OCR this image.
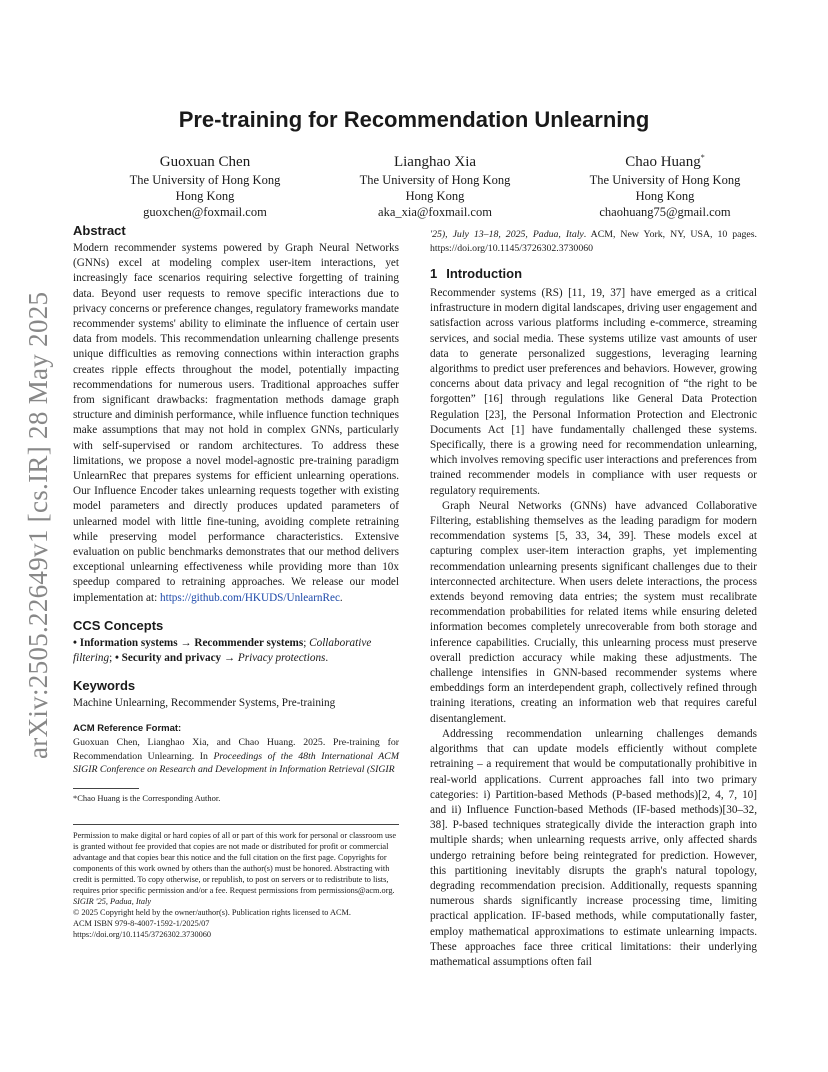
arXiv:2505.22649v1 [cs.IR] 28 May 2025
Pre-training for Recommendation Unlearning
Guoxuan Chen
The University of Hong Kong
Hong Kong
guoxchen@foxmail.com
Lianghao Xia
The University of Hong Kong
Hong Kong
aka_xia@foxmail.com
Chao Huang*
The University of Hong Kong
Hong Kong
chaohuang75@gmail.com
Abstract

Modern recommender systems powered by Graph Neural Networks (GNNs) excel at modeling complex user-item interactions, yet increasingly face scenarios requiring selective forgetting of training data. Beyond user requests to remove specific interactions due to privacy concerns or preference changes, regulatory frameworks mandate recommender systems' ability to eliminate the influence of certain user data from models. This recommendation unlearning challenge presents unique difficulties as removing connections within interaction graphs creates ripple effects throughout the model, potentially impacting recommendations for numerous users. Traditional approaches suffer from significant drawbacks: fragmentation methods damage graph structure and diminish performance, while influence function techniques make assumptions that may not hold in complex GNNs, particularly with self-supervised or random architectures. To address these limitations, we propose a novel model-agnostic pre-training paradigm UnlearnRec that prepares systems for efficient unlearning operations. Our Influence Encoder takes unlearning requests together with existing model parameters and directly produces updated parameters of unlearned model with little fine-tuning, avoiding complete retraining while preserving model performance characteristics. Extensive evaluation on public benchmarks demonstrates that our method delivers exceptional unlearning effectiveness while providing more than 10x speedup compared to retraining approaches. We release our model implementation at: https://github.com/HKUDS/UnlearnRec.

CCS Concepts

• Information systems → Recommender systems; Collaborative filtering; • Security and privacy → Privacy protections.

Keywords

Machine Unlearning, Recommender Systems, Pre-training

ACM Reference Format:

Guoxuan Chen, Lianghao Xia, and Chao Huang. 2025. Pre-training for Recommendation Unlearning. In Proceedings of the 48th International ACM SIGIR Conference on Research and Development in Information Retrieval (SIGIR

*Chao Huang is the Corresponding Author.

Permission to make digital or hard copies of all or part of this work for personal or classroom use is granted without fee provided that copies are not made or distributed for profit or commercial advantage and that copies bear this notice and the full citation on the first page. Copyrights for components of this work owned by others than the author(s) must be honored. Abstracting with credit is permitted. To copy otherwise, or republish, to post on servers or to redistribute to lists, requires prior specific permission and/or a fee. Request permissions from permissions@acm.org.

SIGIR '25, Padua, Italy

© 2025 Copyright held by the owner/author(s). Publication rights licensed to ACM.

ACM ISBN 979-8-4007-1592-1/2025/07

https://doi.org/10.1145/3726302.3730060

'25), July 13–18, 2025, Padua, Italy. ACM, New York, NY, USA, 10 pages. https://doi.org/10.1145/3726302.3730060

1 Introduction

Recommender systems (RS) [11, 19, 37] have emerged as a critical infrastructure in modern digital landscapes, driving user engagement and satisfaction across various platforms including e-commerce, streaming services, and social media. These systems utilize vast amounts of user data to generate personalized suggestions, leveraging learning algorithms to predict user preferences and behaviors. However, growing concerns about data privacy and legal recognition of “the right to be forgotten” [16] through regulations like General Data Protection Regulation [23], the Personal Information Protection and Electronic Documents Act [1] have fundamentally challenged these systems. Specifically, there is a growing need for recommendation unlearning, which involves removing specific user interactions and preferences from trained recommender models in compliance with user requests or regulatory requirements.

Graph Neural Networks (GNNs) have advanced Collaborative Filtering, establishing themselves as the leading paradigm for modern recommendation systems [5, 33, 34, 39]. These models excel at capturing complex user-item interaction graphs, yet implementing recommendation unlearning presents significant challenges due to their interconnected architecture. When users delete interactions, the process extends beyond removing data entries; the system must recalibrate recommendation probabilities for related items while ensuring deleted information becomes completely unrecoverable from both storage and inference capabilities. Crucially, this unlearning process must preserve overall prediction accuracy while making these adjustments. The challenge intensifies in GNN-based recommender systems where embeddings form an interdependent graph, collectively refined through training iterations, creating an information web that requires careful disentanglement.

Addressing recommendation unlearning challenges demands algorithms that can update models efficiently without complete retraining – a requirement that would be computationally prohibitive in real-world applications. Current approaches fall into two primary categories: i) Partition-based Methods (P-based methods)[2, 4, 7, 10] and ii) Influence Function-based Methods (IF-based methods)[30–32, 38]. P-based techniques strategically divide the interaction graph into multiple shards; when unlearning requests arrive, only affected shards undergo retraining before being reintegrated for prediction. However, this partitioning inevitably disrupts the graph's natural topology, degrading recommendation precision. Additionally, requests spanning numerous shards significantly increase processing time, limiting practical application. IF-based methods, while computationally faster, employ mathematical approximations to estimate unlearning impacts. These approaches face three critical limitations: their underlying mathematical assumptions often fail
